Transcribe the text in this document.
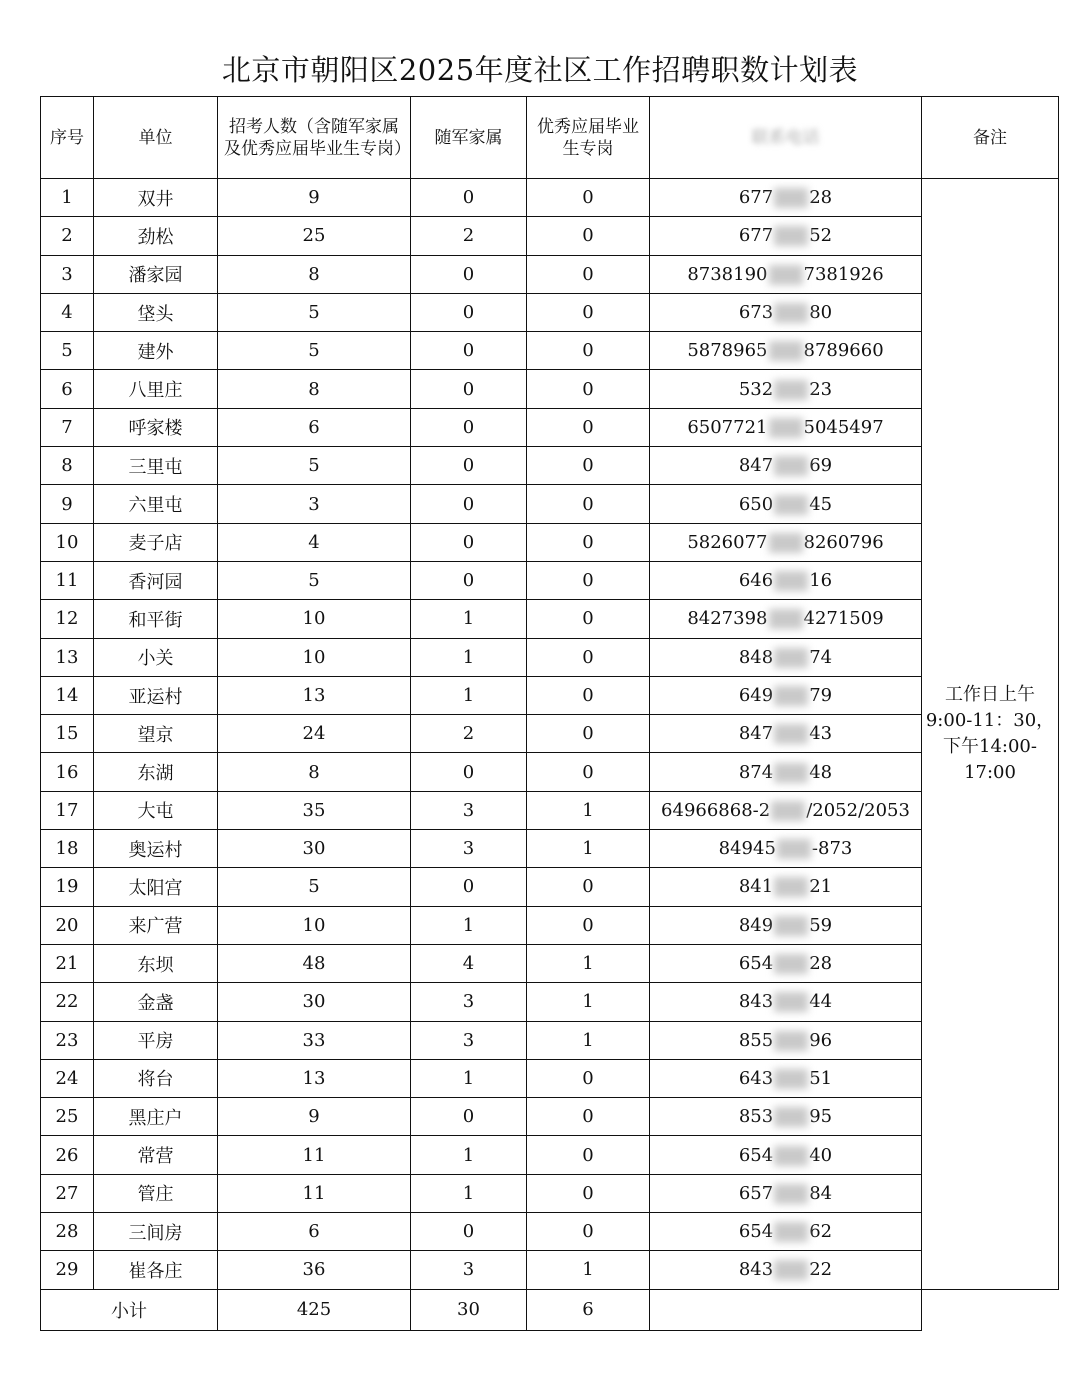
北京市朝阳区2025年度社区工作招聘职数计划表
序号	单位	招考人数（含随军家属及优秀应届毕业生专岗）	随军家属	优秀应届毕业生专岗	联系电话	备注
1	双井	9	0	0	677 28	工作日上午9:00-11：30，下午14:00-17:00
2	劲松	25	2	0	677 52	
3	潘家园	8	0	0	8738190 7381926	
4	垡头	5	0	0	673 80	
5	建外	5	0	0	5878965 8789660	
6	八里庄	8	0	0	532 23	
7	呼家楼	6	0	0	6507721 5045497	
8	三里屯	5	0	0	847 69	
9	六里屯	3	0	0	650 45	
10	麦子店	4	0	0	5826077 8260796	
11	香河园	5	0	0	646 16	
12	和平街	10	1	0	8427398 4271509	
13	小关	10	1	0	848 74	
14	亚运村	13	1	0	649 79	
15	望京	24	2	0	847 43	
16	东湖	8	0	0	874 48	
17	大屯	35	3	1	64966868-2 /2052/2053	
18	奥运村	30	3	1	84945 -873	
19	太阳宫	5	0	0	841 21	
20	来广营	10	1	0	849 59	
21	东坝	48	4	1	654 28	
22	金盏	30	3	1	843 44	
23	平房	33	3	1	855 96	
24	将台	13	1	0	643 51	
25	黑庄户	9	0	0	853 95	
26	常营	11	1	0	654 40	
27	管庄	11	1	0	657 84	
28	三间房	6	0	0	654 62	
29	崔各庄	36	3	1	843 22	
小计		425	30	6		
